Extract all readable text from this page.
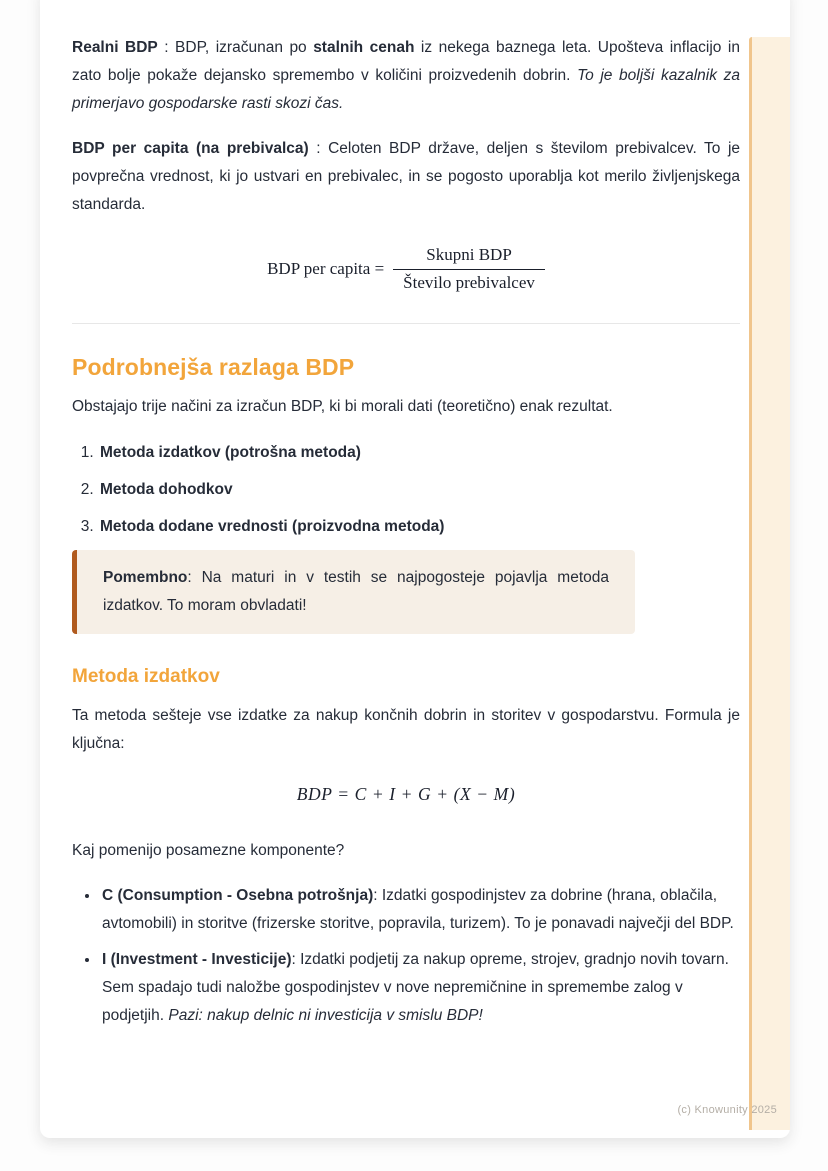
Realni BDP : BDP, izračunan po stalnih cenah iz nekega baznega leta. Upošteva inflacijo in zato bolje pokaže dejansko spremembo v količini proizvedenih dobrin. To je boljši kazalnik za primerjavo gospodarske rasti skozi čas.

BDP per capita (na prebivalca) : Celoten BDP države, deljen s številom prebivalcev. To je povprečna vrednost, ki jo ustvari en prebivalec, in se pogosto uporablja kot merilo življenjskega standarda.

BDP per capita = $\frac{\text{Skupni BDP}}{\text{Število prebivalcev}}$
Podrobnejša razlaga BDP

Obstajajo trije načini za izračun BDP, ki bi morali dati (teoretično) enak rezultat.

1. Metoda izdatkov (potrošna metoda)
2. Metoda dohodkov
3. Metoda dodane vrednosti (proizvodna metoda)

Pomembno: Na maturi in v testih se najpogosteje pojavlja metoda izdatkov. To moram obvladati!

Metoda izdatkov

Ta metoda sešteje vse izdatke za nakup končnih dobrin in storitev v gospodarstvu. Formula je ključna:

BDP = C + I + G + (X − M)

Kaj pomenijo posamezne komponente?

• C (Consumption - Osebna potrošnja): Izdatki gospodinjstev za dobrine (hrana, oblačila, avtomobili) in storitve (frizerske storitve, popravila, turizem). To je ponavadi največji del BDP.

• I (Investment - Investicije): Izdatki podjetij za nakup opreme, strojev, gradnjo novih tovarn. Sem spadajo tudi naložbe gospodinjstev v nove nepremičnine in spremembe zalog v podjetjih. Pazi: nakup delnic ni investicija v smislu BDP!

(c) Knowunity 2025
